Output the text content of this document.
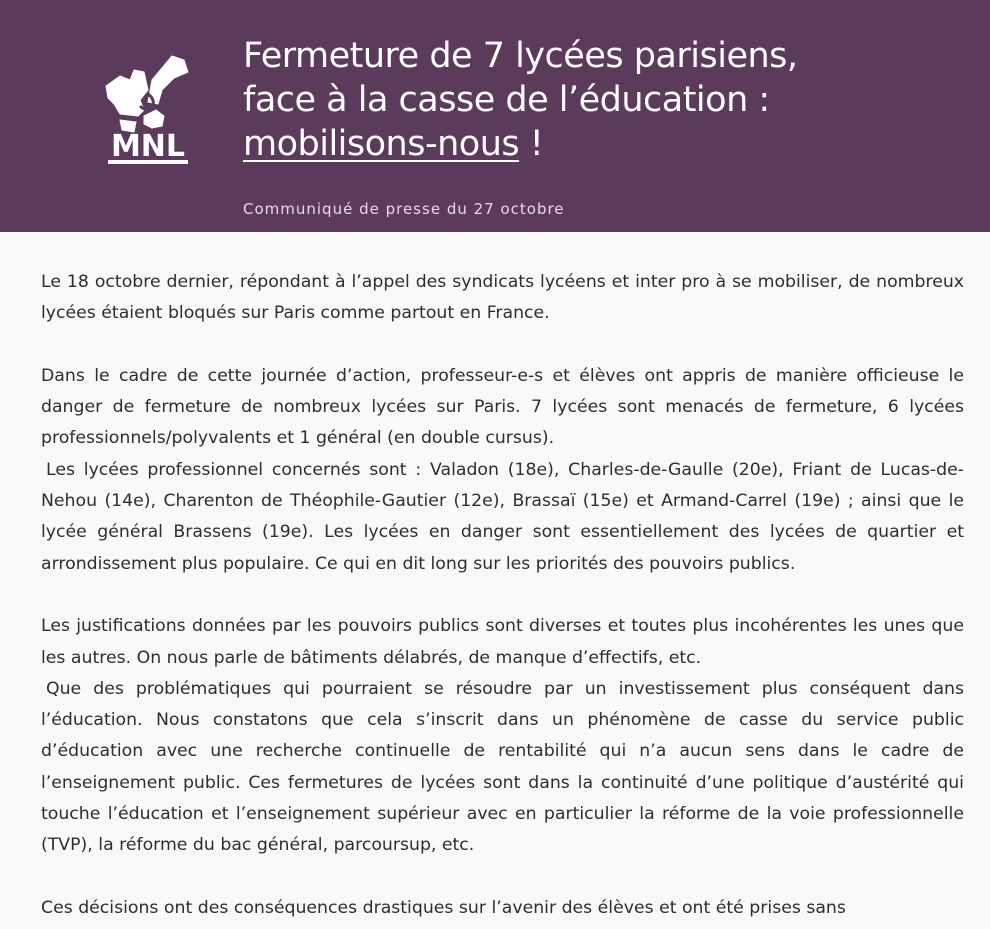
MNL
Fermeture de 7 lycées parisiens,
face à la casse de l’éducation :
mobilisons-nous !

Communiqué de presse du 27 octobre

Le 18 octobre dernier, répondant à l’appel des syndicats lycéens et inter pro à se mobiliser, de nombreux lycées étaient bloqués sur Paris comme partout en France.

Dans le cadre de cette journée d’action, professeur-e-s et élèves ont appris de manière officieuse le danger de fermeture de nombreux lycées sur Paris. 7 lycées sont menacés de fermeture, 6 lycées professionnels/polyvalents et 1 général (en double cursus).

Les lycées professionnel concernés sont : Valadon (18e), Charles-de-Gaulle (20e), Friant de Lucas-de-Nehou (14e), Charenton de Théophile-Gautier (12e), Brassaï (15e) et Armand-Carrel (19e) ; ainsi que le lycée général Brassens (19e). Les lycées en danger sont essentiellement des lycées de quartier et arrondissement plus populaire. Ce qui en dit long sur les priorités des pouvoirs publics.

Les justifications données par les pouvoirs publics sont diverses et toutes plus incohérentes les unes que les autres. On nous parle de bâtiments délabrés, de manque d’effectifs, etc.

Que des problématiques qui pourraient se résoudre par un investissement plus conséquent dans l’éducation. Nous constatons que cela s’inscrit dans un phénomène de casse du service public d’éducation avec une recherche continuelle de rentabilité qui n’a aucun sens dans le cadre de l’enseignement public. Ces fermetures de lycées sont dans la continuité d’une politique d’austérité qui touche l’éducation et l’enseignement supérieur avec en particulier la réforme de la voie professionnelle (TVP), la réforme du bac général, parcoursup, etc.

Ces décisions ont des conséquences drastiques sur l’avenir des élèves et ont été prises sans
